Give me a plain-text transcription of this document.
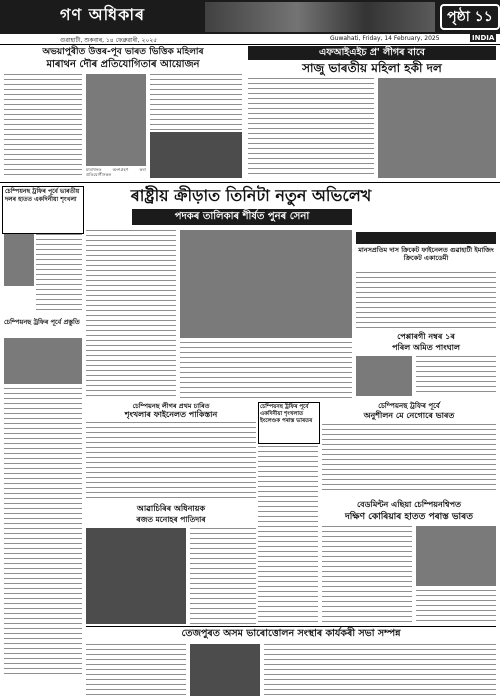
গণ অধিকাৰ	পৃষ্ঠা ১১
গুৱাহাটী, শুকবাৰ, ১৪ ফেব্ৰুৱাৰী, ২০২৫	Guwahati, Friday, 14 February, 2025	INDIA
অভয়াপুৰীত উত্তৰ-পূব ভাৰত ভিত্তিক মহিলাৰ
মাৰাথন দৌৰ প্ৰতিযোগিতাৰ আয়োজন
মাৰাথনত অংশগ্ৰহণ কৰা প্ৰতিযোগীসকল
এফআইএইচ প্ৰ' লীগৰ বাবে
সাজু ভাৰতীয় মহিলা হকী দল
ৰাষ্ট্ৰীয় ক্ৰীড়াত তিনিটা নতুন অভিলেখ
পদকৰ তালিকাৰ শীৰ্ষত পুনৰ সেনা
চেম্পিয়নছ ট্ৰফিৰ পূৰ্বে ভাৰতীয় দলৰ হাতত একদিনীয়া শৃংখলা
চেম্পিয়নছ ট্ৰফিৰ পূৰ্বে প্ৰস্তুতি
চেম্পিয়নছ লীগৰ প্ৰথম চাৰিত
শৃংখলাৰ ফাইনেলত পাকিস্তান
আৱাচিৰিৰ অধিনায়ক
ৰজত মনোহৰ পাতিদাৰ
চেম্পিয়নছ ট্ৰফিৰ পূৰ্বে একদিনীয়া শৃংখলাত ইংলেণ্ডক পৰাস্ত ভাৰতৰ
চেম্পিয়নছ ট্ৰফিৰ পূৰ্বে
অনুশীলন মে নেগোৰে ভাৰত
মানসপ্ৰতিম দাস ক্ৰিকেট ফাইনেলত গুৱাহাটী ইমাজিং ক্ৰিকেট একাডেমী
পেপ্পাৰগী নম্বৰ ১ৰ
পৰিল অমিত পাংঘাল
বেডমিন্টন এছিয়া চেম্পিয়নশ্বিপত
দক্ষিণ কোৰিয়াৰ হাতত পৰাস্ত ভাৰত
তেজপুৰত অসম ভাৰোত্তোলন সংস্থাৰ কাৰ্যকৰী সভা সম্পন্ন
